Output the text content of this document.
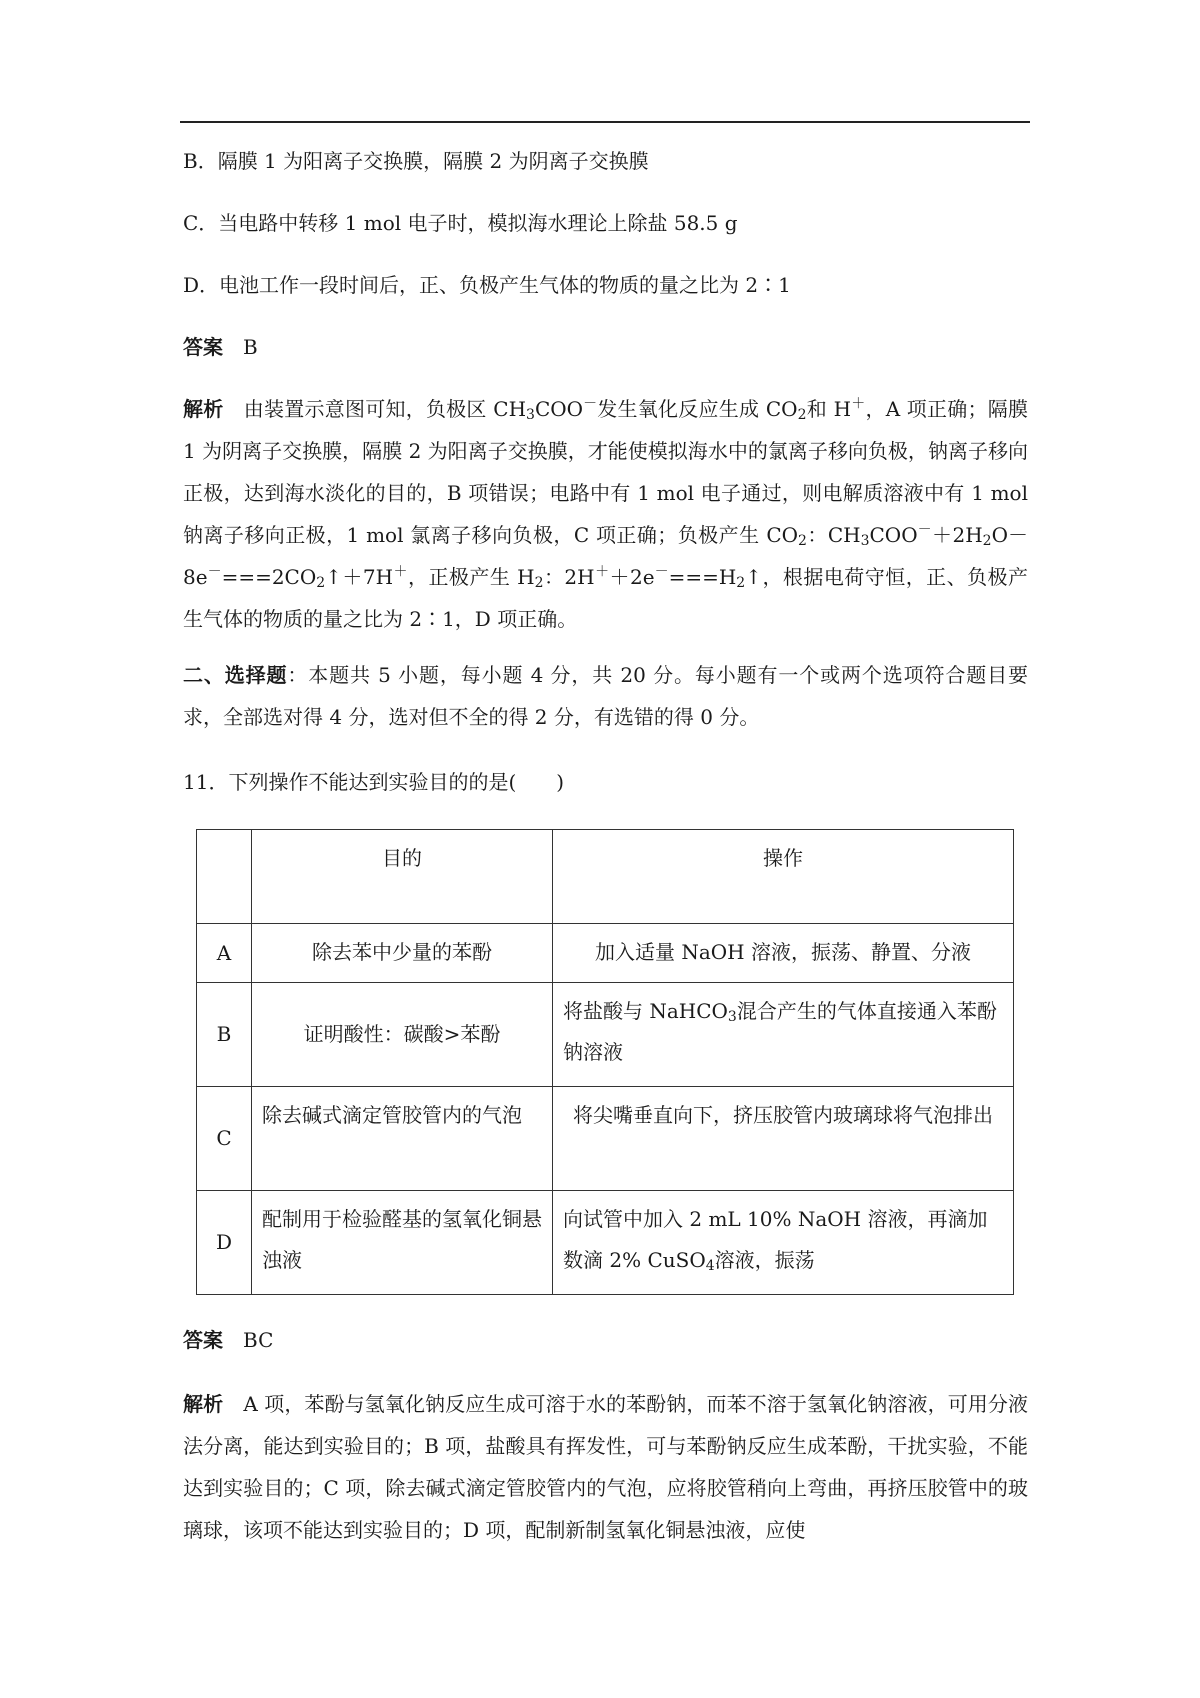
B．隔膜 1 为阳离子交换膜，隔膜 2 为阴离子交换膜
C．当电路中转移 1 mol 电子时，模拟海水理论上除盐 58.5 g
D．电池工作一段时间后，正、负极产生气体的物质的量之比为 2∶1
答案　 B
解析　 由装置示意图可知，负极区 $CH_3COO^-$发生氧化反应生成 $CO_2$和 H＋，A 项正确；隔膜 1 为阴离子交换膜，隔膜 2 为阳离子交换膜，才能使模拟海水中的氯离子移向负极，钠离子移向正极，达到海水淡化的目的，B 项错误；电路中有 1 mol 电子通过，则电解质溶液中有 1 mol 钠离子移向正极，1 mol 氯离子移向负极，C 项正确；负极产生 $CO_2$：$CH_3COO^-+2H_2O-8e^-===2CO_2↑+7H^+$，正极产生 $H_2$：$2H^++2e^-===H_2↑$，根据电荷守恒，正、负极产生气体的物质的量之比为 2∶1，D 项正确。
二、选择题：本题共 5 小题，每小题 4 分，共 20 分。每小题有一个或两个选项符合题目要求，全部选对得 4 分，选对但不全的得 2 分，有选错的得 0 分。
11．下列操作不能达到实验目的的是(　　)
	目的	操作
A	除去苯中少量的苯酚	加入适量 NaOH 溶液，振荡、静置、分液
B	证明酸性：碳酸>苯酚	将盐酸与 NaHCO$_3$混合产生的气体直接通入苯酚钠溶液
C	除去碱式滴定管胶管内的气泡	将尖嘴垂直向下，挤压胶管内玻璃球将气泡排出
D	配制用于检验醛基的氢氧化铜悬浊液	向试管中加入 2 mL 10% NaOH 溶液，再滴加数滴 2% CuSO$_4$溶液，振荡
答案　 BC
解析　 A 项，苯酚与氢氧化钠反应生成可溶于水的苯酚钠，而苯不溶于氢氧化钠溶液，可用分液法分离，能达到实验目的；B 项，盐酸具有挥发性，可与苯酚钠反应生成苯酚，干扰实验，不能达到实验目的；C 项，除去碱式滴定管胶管内的气泡，应将胶管稍向上弯曲，再挤压胶管中的玻璃球，该项不能达到实验目的；D 项，配制新制氢氧化铜悬浊液，应使
